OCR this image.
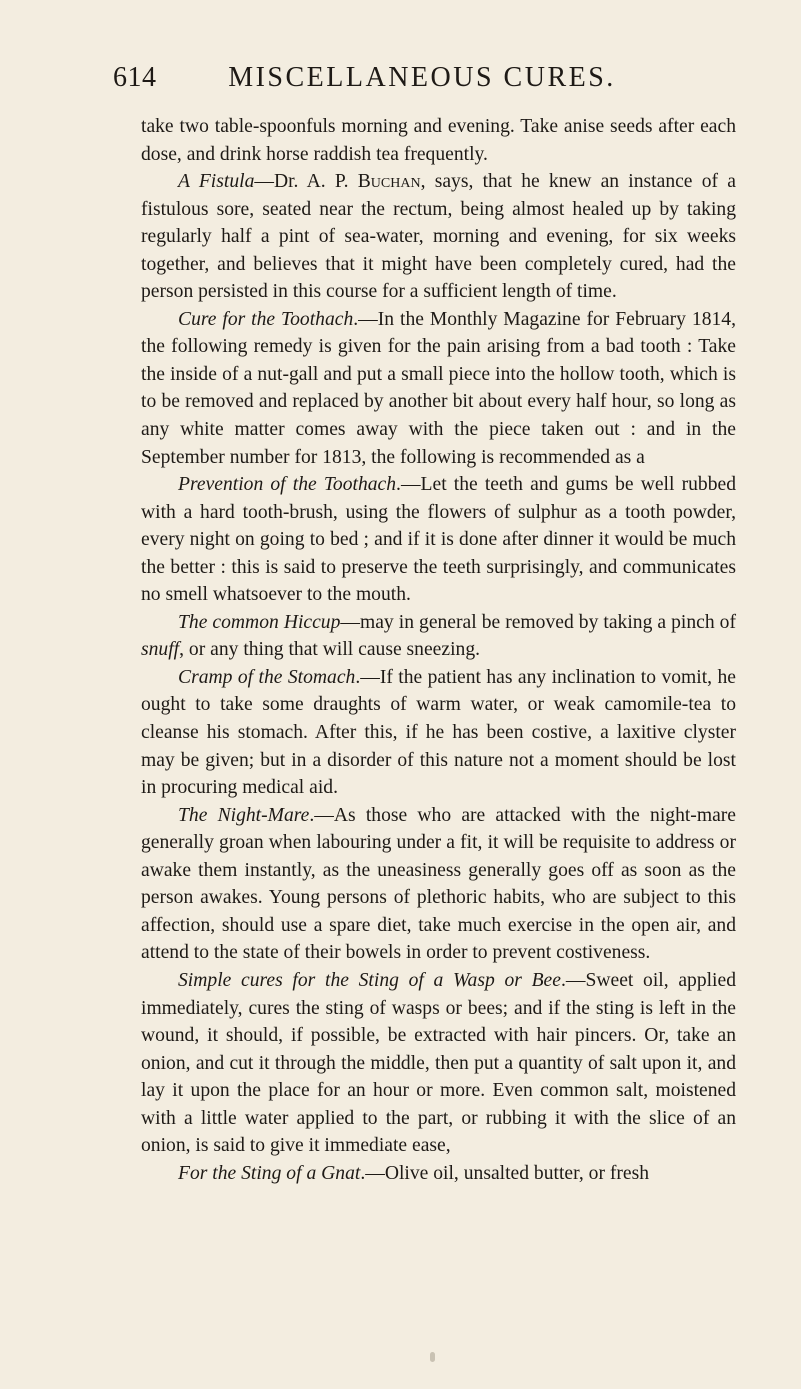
614	MISCELLANEOUS CURES.

take two table-spoonfuls morning and evening. Take anise seeds after each dose, and drink horse raddish tea frequently.

A Fistula—Dr. A. P. Buchan, says, that he knew an instance of a fistulous sore, seated near the rectum, being almost healed up by taking regularly half a pint of sea-water, morning and evening, for six weeks together, and believes that it might have been completely cured, had the person persisted in this course for a sufficient length of time.

Cure for the Toothach.—In the Monthly Magazine for February 1814, the following remedy is given for the pain arising from a bad tooth : Take the inside of a nut-gall and put a small piece into the hollow tooth, which is to be removed and replaced by another bit about every half hour, so long as any white matter comes away with the piece taken out : and in the September number for 1813, the following is recommended as a

Prevention of the Toothach.—Let the teeth and gums be well rubbed with a hard tooth-brush, using the flowers of sulphur as a tooth powder, every night on going to bed ; and if it is done after dinner it would be much the better : this is said to preserve the teeth surprisingly, and communicates no smell whatsoever to the mouth.

The common Hiccup—may in general be removed by taking a pinch of snuff, or any thing that will cause sneezing.

Cramp of the Stomach.—If the patient has any inclination to vomit, he ought to take some draughts of warm water, or weak camomile-tea to cleanse his stomach. After this, if he has been costive, a laxitive clyster may be given; but in a disorder of this nature not a moment should be lost in procuring medical aid.

The Night-Mare.—As those who are attacked with the night-mare generally groan when labouring under a fit, it will be requisite to address or awake them instantly, as the uneasiness generally goes off as soon as the person awakes. Young persons of plethoric habits, who are subject to this affection, should use a spare diet, take much exercise in the open air, and attend to the state of their bowels in order to prevent costiveness.

Simple cures for the Sting of a Wasp or Bee.—Sweet oil, applied immediately, cures the sting of wasps or bees; and if the sting is left in the wound, it should, if possible, be extracted with hair pincers. Or, take an onion, and cut it through the middle, then put a quantity of salt upon it, and lay it upon the place for an hour or more. Even common salt, moistened with a little water applied to the part, or rubbing it with the slice of an onion, is said to give it immediate ease,

For the Sting of a Gnat.—Olive oil, unsalted butter, or fresh
